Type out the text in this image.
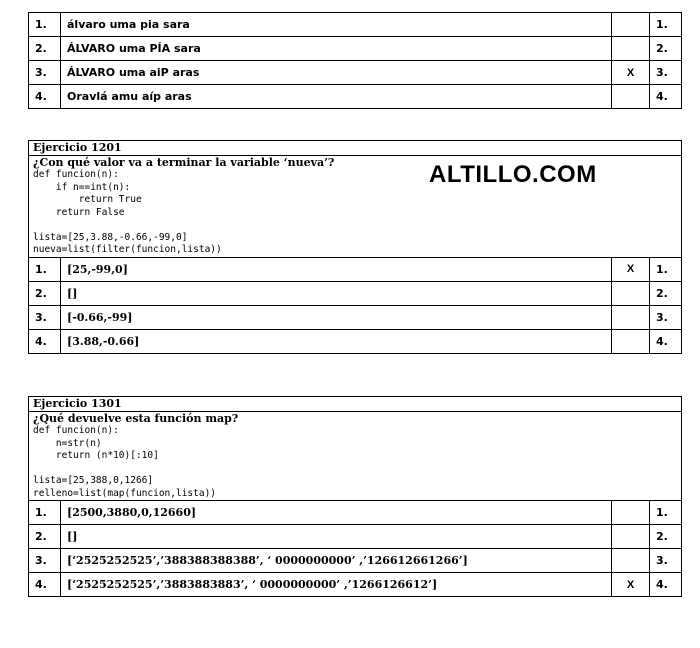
1.	álvaro uma pia sara		1.
2.	ÁLVARO uma PÍA sara		2.
3.	ÁLVARO uma aiP aras	X	3.
4.	Oravlá amu aíp aras		4.
Ejercicio 1201
¿Con qué valor va a terminar la variable ‘nueva’?
def funcion(n):
if n==int(n):
return True
return False

lista=[25,3.88,-0.66,-99,0]
nueva=list(filter(funcion,lista))
ALTILLO.COM
1.	[25,-99,0]	X	1.
2.	[]		2.
3.	[-0.66,-99]		3.
4.	[3.88,-0.66]		4.
Ejercicio 1301
¿Qué devuelve esta función map?
def funcion(n):
n=str(n)
return (n*10)[:10]

lista=[25,388,0,1266]
relleno=list(map(funcion,lista))
1.	[2500,3880,0,12660]		1.
2.	[]		2.
3.	[‘2525252525’,’388388388388’, ‘ 0000000000’ ,’126612661266’]		3.
4.	[‘2525252525’,’3883883883’, ‘ 0000000000’ ,’1266126612’]	X	4.
